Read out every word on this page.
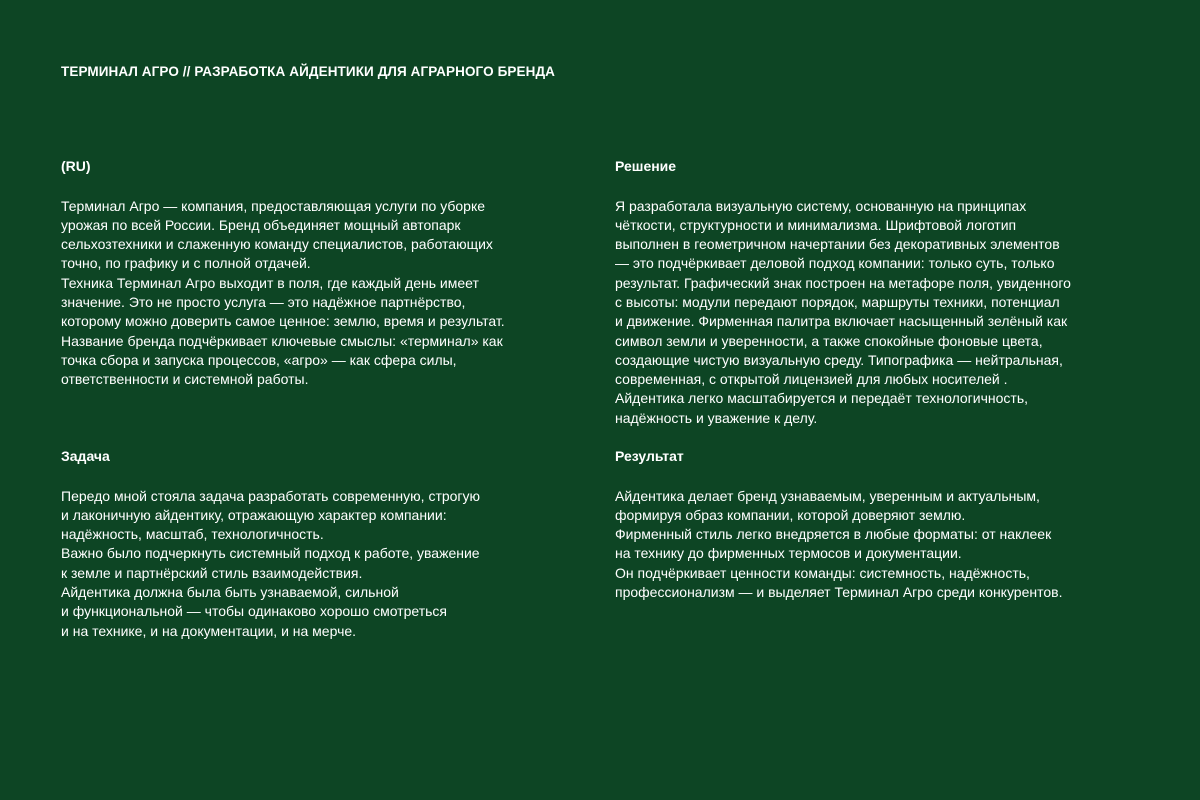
ТЕРМИНАЛ АГРО // РАЗРАБОТКА АЙДЕНТИКИ ДЛЯ АГРАРНОГО БРЕНДА
(RU)
Терминал Агро — компания, предоставляющая услуги по уборке
урожая по всей России. Бренд объединяет мощный автопарк
сельхозтехники и слаженную команду специалистов, работающих
точно, по графику и с полной отдачей.
Техника Терминал Агро выходит в поля, где каждый день имеет
значение. Это не просто услуга — это надёжное партнёрство,
которому можно доверить самое ценное: землю, время и результат.
Название бренда подчёркивает ключевые смыслы: «терминал» как
точка сбора и запуска процессов, «агро» — как сфера силы,
ответственности и системной работы.
Решение
Я разработала визуальную систему, основанную на принципах
чёткости, структурности и минимализма. Шрифтовой логотип
выполнен в геометричном начертании без декоративных элементов
— это подчёркивает деловой подход компании: только суть, только
результат. Графический знак построен на метафоре поля, увиденного
с высоты: модули передают порядок, маршруты техники, потенциал
и движение. Фирменная палитра включает насыщенный зелёный как
символ земли и уверенности, а также спокойные фоновые цвета,
создающие чистую визуальную среду. Типографика — нейтральная,
современная, с открытой лицензией для любых носителей .
Айдентика легко масштабируется и передаёт технологичность,
надёжность и уважение к делу.
Задача
Передо мной стояла задача разработать современную, строгую
и лаконичную айдентику, отражающую характер компании:
надёжность, масштаб, технологичность.
Важно было подчеркнуть системный подход к работе, уважение
к земле и партнёрский стиль взаимодействия.
Айдентика должна была быть узнаваемой, сильной
и функциональной — чтобы одинаково хорошо смотреться
и на технике, и на документации, и на мерче.
Результат
Айдентика делает бренд узнаваемым, уверенным и актуальным,
формируя образ компании, которой доверяют землю.
Фирменный стиль легко внедряется в любые форматы: от наклеек
на технику до фирменных термосов и документации.
Он подчёркивает ценности команды: системность, надёжность,
профессионализм — и выделяет Терминал Агро среди конкурентов.
